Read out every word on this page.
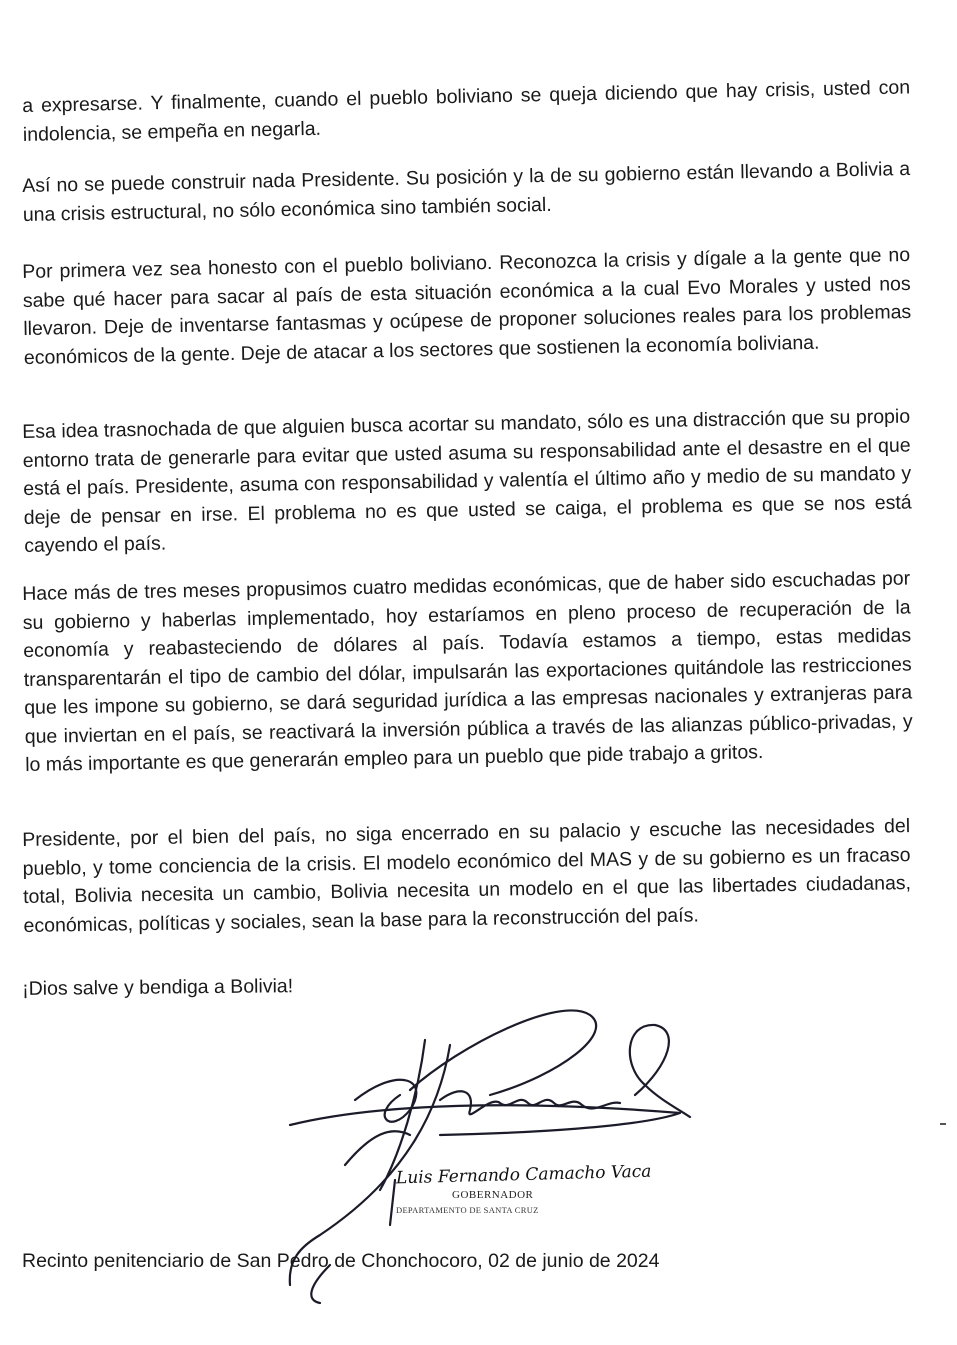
a expresarse. Y finalmente, cuando el pueblo boliviano se queja diciendo que hay crisis, usted con indolencia, se empeña en negarla.

Así no se puede construir nada Presidente. Su posición y la de su gobierno están llevando a Bolivia a una crisis estructural, no sólo económica sino también social.

Por primera vez sea honesto con el pueblo boliviano. Reconozca la crisis y dígale a la gente que no sabe qué hacer para sacar al país de esta situación económica a la cual Evo Morales y usted nos llevaron. Deje de inventarse fantasmas y ocúpese de proponer soluciones reales para los problemas económicos de la gente. Deje de atacar a los sectores que sostienen la economía boliviana.

Esa idea trasnochada de que alguien busca acortar su mandato, sólo es una distracción que su propio entorno trata de generarle para evitar que usted asuma su responsabilidad ante el desastre en el que está el país. Presidente, asuma con responsabilidad y valentía el último año y medio de su mandato y deje de pensar en irse. El problema no es que usted se caiga, el problema es que se nos está cayendo el país.

Hace más de tres meses propusimos cuatro medidas económicas, que de haber sido escuchadas por su gobierno y haberlas implementado, hoy estaríamos en pleno proceso de recuperación de la economía y reabasteciendo de dólares al país. Todavía estamos a tiempo, estas medidas transparentarán el tipo de cambio del dólar, impulsarán las exportaciones quitándole las restricciones que les impone su gobierno, se dará seguridad jurídica a las empresas nacionales y extranjeras para que inviertan en el país, se reactivará la inversión pública a través de las alianzas público-privadas, y lo más importante es que generarán empleo para un pueblo que pide trabajo a gritos.

Presidente, por el bien del país, no siga encerrado en su palacio y escuche las necesidades del pueblo, y tome conciencia de la crisis. El modelo económico del MAS y de su gobierno es un fracaso total, Bolivia necesita un cambio, Bolivia necesita un modelo en el que las libertades ciudadanas, económicas, políticas y sociales, sean la base para la reconstrucción del país.

¡Dios salve y bendiga a Bolivia!

Luis Fernando Camacho Vaca
GOBERNADOR
DEPARTAMENTO DE SANTA CRUZ
Recinto penitenciario de San Pedro de Chonchocoro, 02 de junio de 2024
